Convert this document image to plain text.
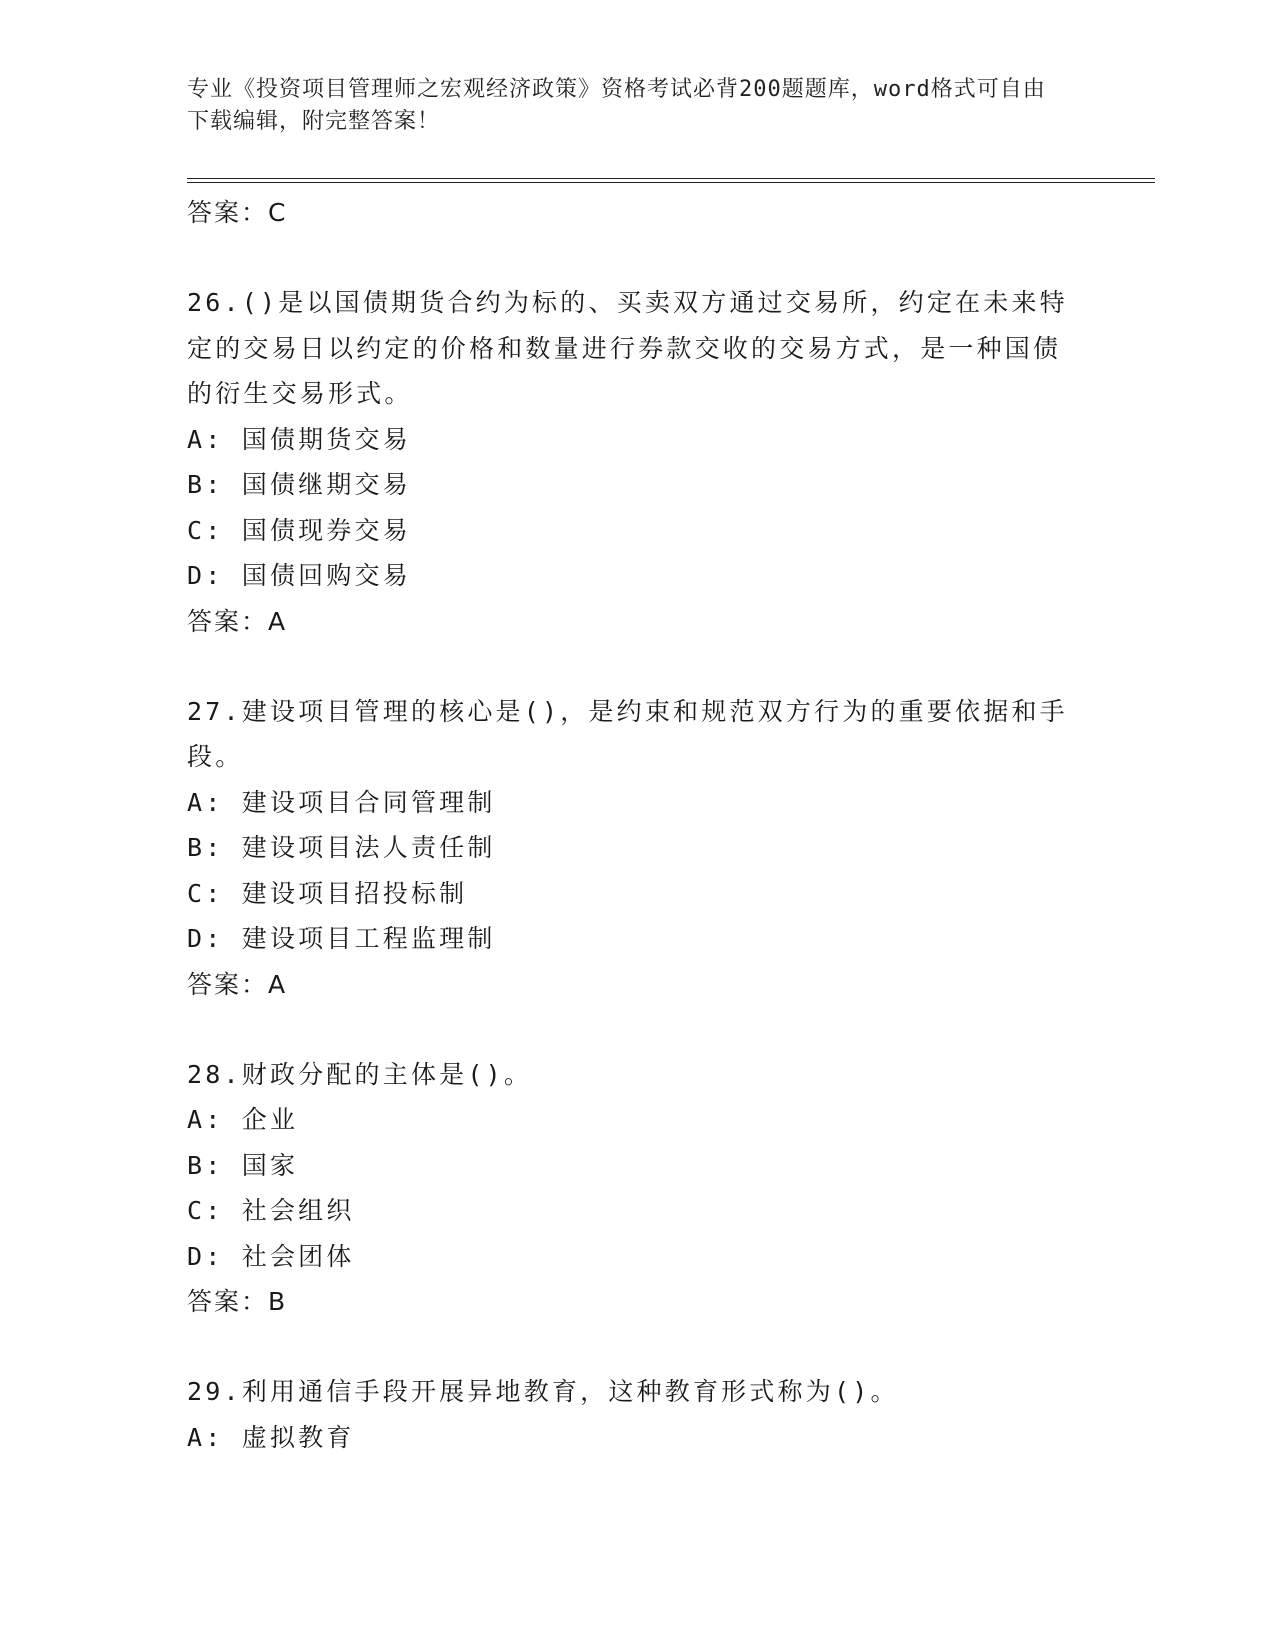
专业《投资项目管理师之宏观经济政策》资格考试必背200题题库，word格式可自由下载编辑，附完整答案！
答案：C
26.()是以国债期货合约为标的、买卖双方通过交易所，约定在未来特定的交易日以约定的价格和数量进行券款交收的交易方式，是一种国债的衍生交易形式。
A: 国债期货交易
B: 国债继期交易
C: 国债现券交易
D: 国债回购交易
答案：A
27.建设项目管理的核心是()，是约束和规范双方行为的重要依据和手段。
A: 建设项目合同管理制
B: 建设项目法人责任制
C: 建设项目招投标制
D: 建设项目工程监理制
答案：A
28.财政分配的主体是()。
A: 企业
B: 国家
C: 社会组织
D: 社会团体
答案：B
29.利用通信手段开展异地教育，这种教育形式称为()。
A: 虚拟教育
